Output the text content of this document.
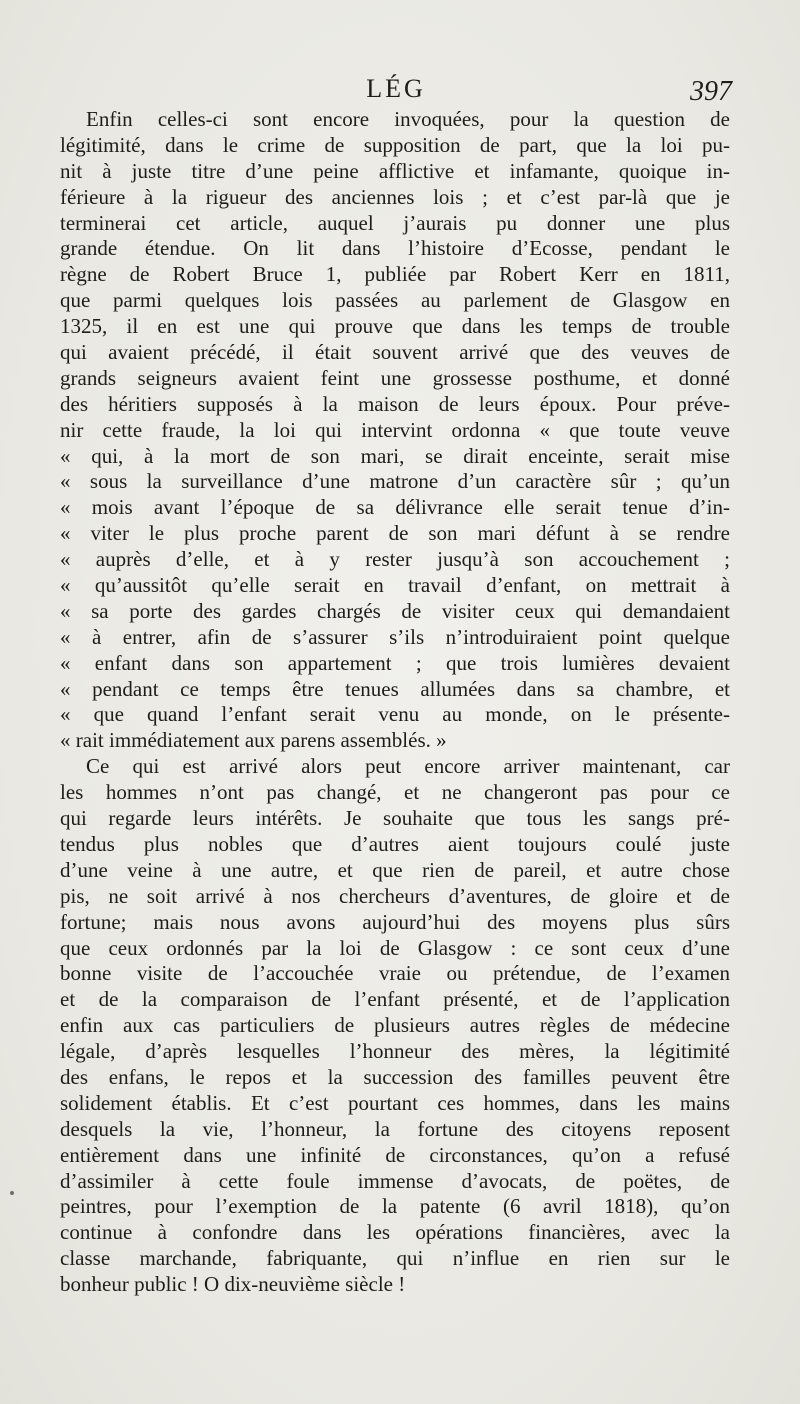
LÉG	397
Enfin celles-ci sont encore invoquées, pour la question de
légitimité, dans le crime de supposition de part, que la loi pu-
nit à juste titre d’une peine afflictive et infamante, quoique in-
férieure à la rigueur des anciennes lois ; et c’est par-là que je
terminerai cet article, auquel j’aurais pu donner une plus
grande étendue. On lit dans l’histoire d’Ecosse, pendant le
règne de Robert Bruce 1, publiée par Robert Kerr en 1811,
que parmi quelques lois passées au parlement de Glasgow en
1325, il en est une qui prouve que dans les temps de trouble
qui avaient précédé, il était souvent arrivé que des veuves de
grands seigneurs avaient feint une grossesse posthume, et donné
des héritiers supposés à la maison de leurs époux. Pour préve-
nir cette fraude, la loi qui intervint ordonna « que toute veuve
« qui, à la mort de son mari, se dirait enceinte, serait mise
« sous la surveillance d’une matrone d’un caractère sûr ; qu’un
« mois avant l’époque de sa délivrance elle serait tenue d’in-
« viter le plus proche parent de son mari défunt à se rendre
« auprès d’elle, et à y rester jusqu’à son accouchement ;
« qu’aussitôt qu’elle serait en travail d’enfant, on mettrait à
« sa porte des gardes chargés de visiter ceux qui demandaient
« à entrer, afin de s’assurer s’ils n’introduiraient point quelque
« enfant dans son appartement ; que trois lumières devaient
« pendant ce temps être tenues allumées dans sa chambre, et
« que quand l’enfant serait venu au monde, on le présente-
« rait immédiatement aux parens assemblés. »
Ce qui est arrivé alors peut encore arriver maintenant, car
les hommes n’ont pas changé, et ne changeront pas pour ce
qui regarde leurs intérêts. Je souhaite que tous les sangs pré-
tendus plus nobles que d’autres aient toujours coulé juste
d’une veine à une autre, et que rien de pareil, et autre chose
pis, ne soit arrivé à nos chercheurs d’aventures, de gloire et de
fortune; mais nous avons aujourd’hui des moyens plus sûrs
que ceux ordonnés par la loi de Glasgow : ce sont ceux d’une
bonne visite de l’accouchée vraie ou prétendue, de l’examen
et de la comparaison de l’enfant présenté, et de l’application
enfin aux cas particuliers de plusieurs autres règles de médecine
légale, d’après lesquelles l’honneur des mères, la légitimité
des enfans, le repos et la succession des familles peuvent être
solidement établis. Et c’est pourtant ces hommes, dans les mains
desquels la vie, l’honneur, la fortune des citoyens reposent
entièrement dans une infinité de circonstances, qu’on a refusé
d’assimiler à cette foule immense d’avocats, de poëtes, de
peintres, pour l’exemption de la patente (6 avril 1818), qu’on
continue à confondre dans les opérations financières, avec la
classe marchande, fabriquante, qui n’influe en rien sur le
bonheur public ! O dix-neuvième siècle !
